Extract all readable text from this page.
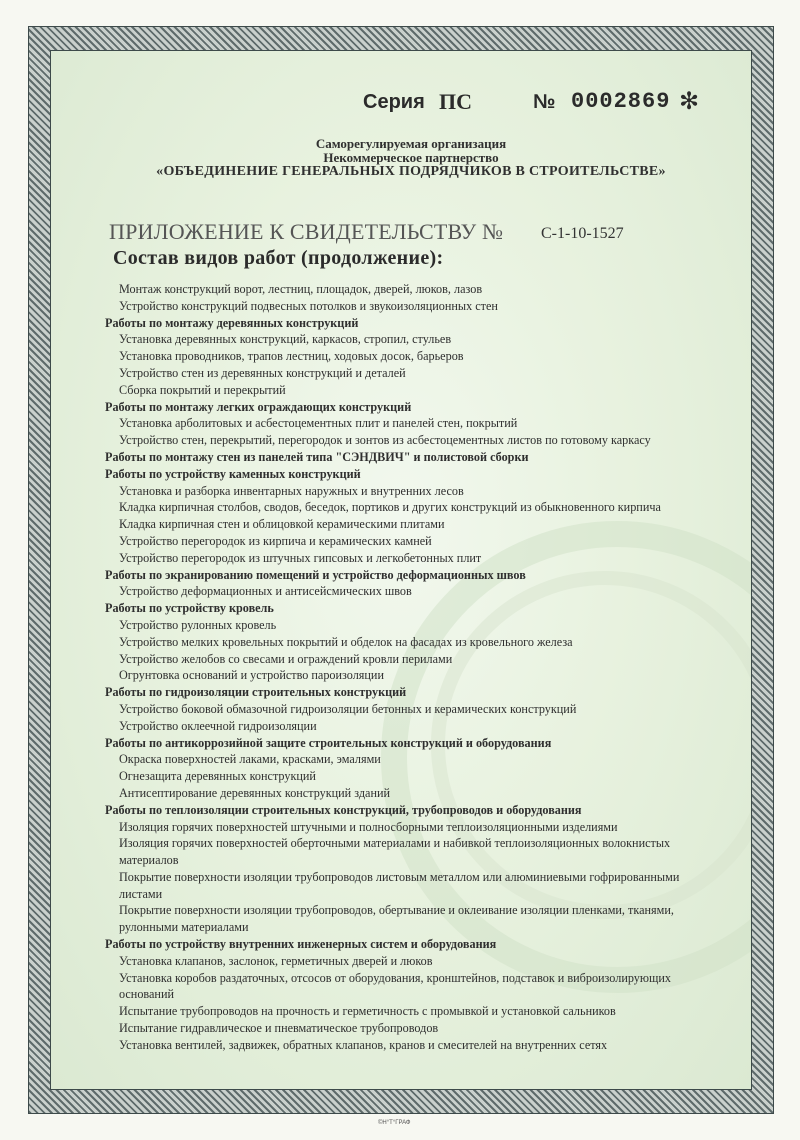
Серия ПС	№ 0002869 ✻
Саморегулируемая организация
Некоммерческое партнерство
«ОБЪЕДИНЕНИЕ ГЕНЕРАЛЬНЫХ ПОДРЯДЧИКОВ В СТРОИТЕЛЬСТВЕ»
ПРИЛОЖЕНИЕ К СВИДЕТЕЛЬСТВУ № С-1-10-1527
Состав видов работ (продолжение):
Монтаж конструкций ворот, лестниц, площадок, дверей, люков, лазов
Устройство конструкций подвесных потолков и звукоизоляционных стен
Работы по монтажу деревянных конструкций
Установка деревянных конструкций, каркасов, стропил, стульев
Установка проводников, трапов лестниц, ходовых досок, барьеров
Устройство стен из деревянных конструкций и деталей
Сборка покрытий и перекрытий
Работы по монтажу легких ограждающих конструкций
Установка арболитовых и асбестоцементных плит и панелей стен, покрытий
Устройство стен, перекрытий, перегородок и зонтов из асбестоцементных листов по готовому каркасу
Работы по монтажу стен из панелей типа "СЭНДВИЧ" и полистовой сборки
Работы по устройству каменных конструкций
Установка и разборка инвентарных наружных и внутренних лесов
Кладка кирпичная столбов, сводов, беседок, портиков и других конструкций из обыкновенного кирпича
Кладка кирпичная стен и облицовкой керамическими плитами
Устройство перегородок из кирпича и керамических камней
Устройство перегородок из штучных гипсовых и легкобетонных плит
Работы по экранированию помещений и устройство деформационных швов
Устройство деформационных и антисейсмических швов
Работы по устройству кровель
Устройство рулонных кровель
Устройство мелких кровельных покрытий и обделок на фасадах из кровельного железа
Устройство желобов со свесами и ограждений кровли перилами
Огрунтовка оснований и устройство пароизоляции
Работы по гидроизоляции строительных конструкций
Устройство боковой обмазочной гидроизоляции бетонных и керамических конструкций
Устройство оклеечной гидроизоляции
Работы по антикоррозийной защите строительных конструкций и оборудования
Окраска поверхностей лаками, красками, эмалями
Огнезащита деревянных конструкций
Антисептирование деревянных конструкций зданий
Работы по теплоизоляции строительных конструкций, трубопроводов и оборудования
Изоляция горячих поверхностей штучными и полносборными теплоизоляционными изделиями
Изоляция горячих поверхностей оберточными материалами и набивкой теплоизоляционных волокнистых материалов
Покрытие поверхности изоляции трубопроводов листовым металлом или алюминиевыми гофрированными листами
Покрытие поверхности изоляции трубопроводов, обертывание и оклеивание изоляции пленками, тканями, рулонными материалами
Работы по устройству внутренних инженерных систем и оборудования
Установка клапанов, заслонок, герметичных дверей и люков
Установка коробов раздаточных, отсосов от оборудования, кронштейнов, подставок и виброизолирующих оснований
Испытание трубопроводов на прочность и герметичность с промывкой и установкой сальников
Испытание гидравлическое и пневматическое трубопроводов
Установка вентилей, задвижек, обратных клапанов, кранов и смесителей на внутренних сетях
©Н°Т°ГРАФ
